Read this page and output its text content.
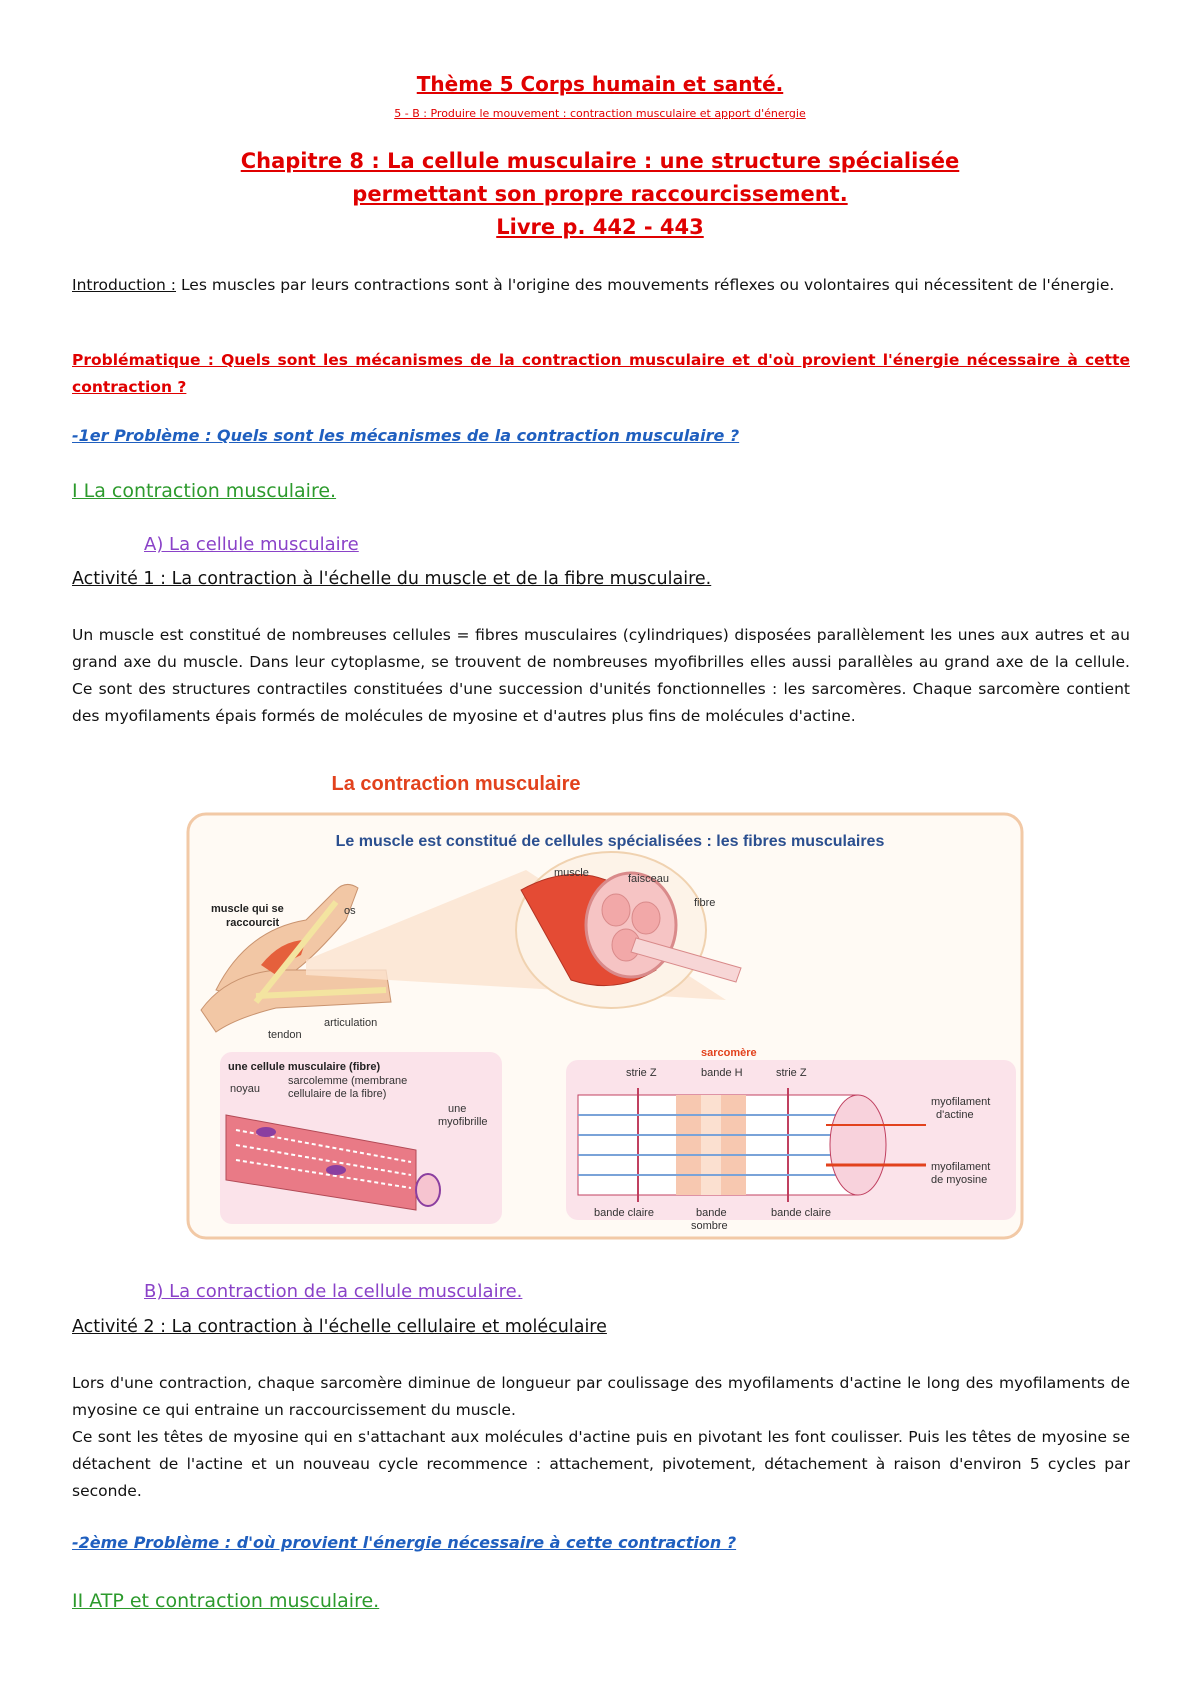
Thème 5 Corps humain et santé.
5 - B : Produire le mouvement : contraction musculaire et apport d'énergie
Chapitre 8 : La cellule musculaire : une structure spécialisée
permettant son propre raccourcissement.
Livre p. 442 - 443
Introduction : Les muscles par leurs contractions sont à l'origine des mouvements réflexes ou volontaires qui nécessitent de l'énergie.
Problématique : Quels sont les mécanismes de la contraction musculaire et d'où provient l'énergie nécessaire à cette contraction ?
-1er Problème : Quels sont les mécanismes de la contraction musculaire ?
I La contraction musculaire.
A) La cellule musculaire
Activité 1 : La contraction à l'échelle du muscle et de la fibre musculaire.
Un muscle est constitué de nombreuses cellules = fibres musculaires (cylindriques) disposées parallèlement les unes aux autres et au grand axe du muscle. Dans leur cytoplasme, se trouvent de nombreuses myofibrilles elles aussi parallèles au grand axe de la cellule. Ce sont des structures contractiles constituées d'une succession d'unités fonctionnelles : les sarcomères. Chaque sarcomère contient des myofilaments épais formés de molécules de myosine et d'autres plus fins de molécules d'actine.
La contraction musculaire
Le muscle est constitué de cellules spécialisées : les fibres musculaires
muscle qui se
raccourcit
os
tendon
articulation
muscle	faisceau
fibre
une cellule musculaire (fibre)
noyau
sarcolemme (membrane
cellulaire de la fibre)
une
myofibrille
sarcomère
strie Z	bande H	strie Z
myofilament
d'actine
myofilament
de myosine
bande claire	bande
sombre
bande claire
B) La contraction de la cellule musculaire.
Activité 2 : La contraction à l'échelle cellulaire et moléculaire
Lors d'une contraction, chaque sarcomère diminue de longueur par coulissage des myofilaments d'actine le long des myofilaments de myosine ce qui entraine un raccourcissement du muscle.
Ce sont les têtes de myosine qui en s'attachant aux molécules d'actine puis en pivotant les font coulisser. Puis les têtes de myosine se détachent de l'actine et un nouveau cycle recommence : attachement, pivotement, détachement à raison d'environ 5 cycles par seconde.
-2ème Problème : d'où provient l'énergie nécessaire à cette contraction ?
II ATP et contraction musculaire.
